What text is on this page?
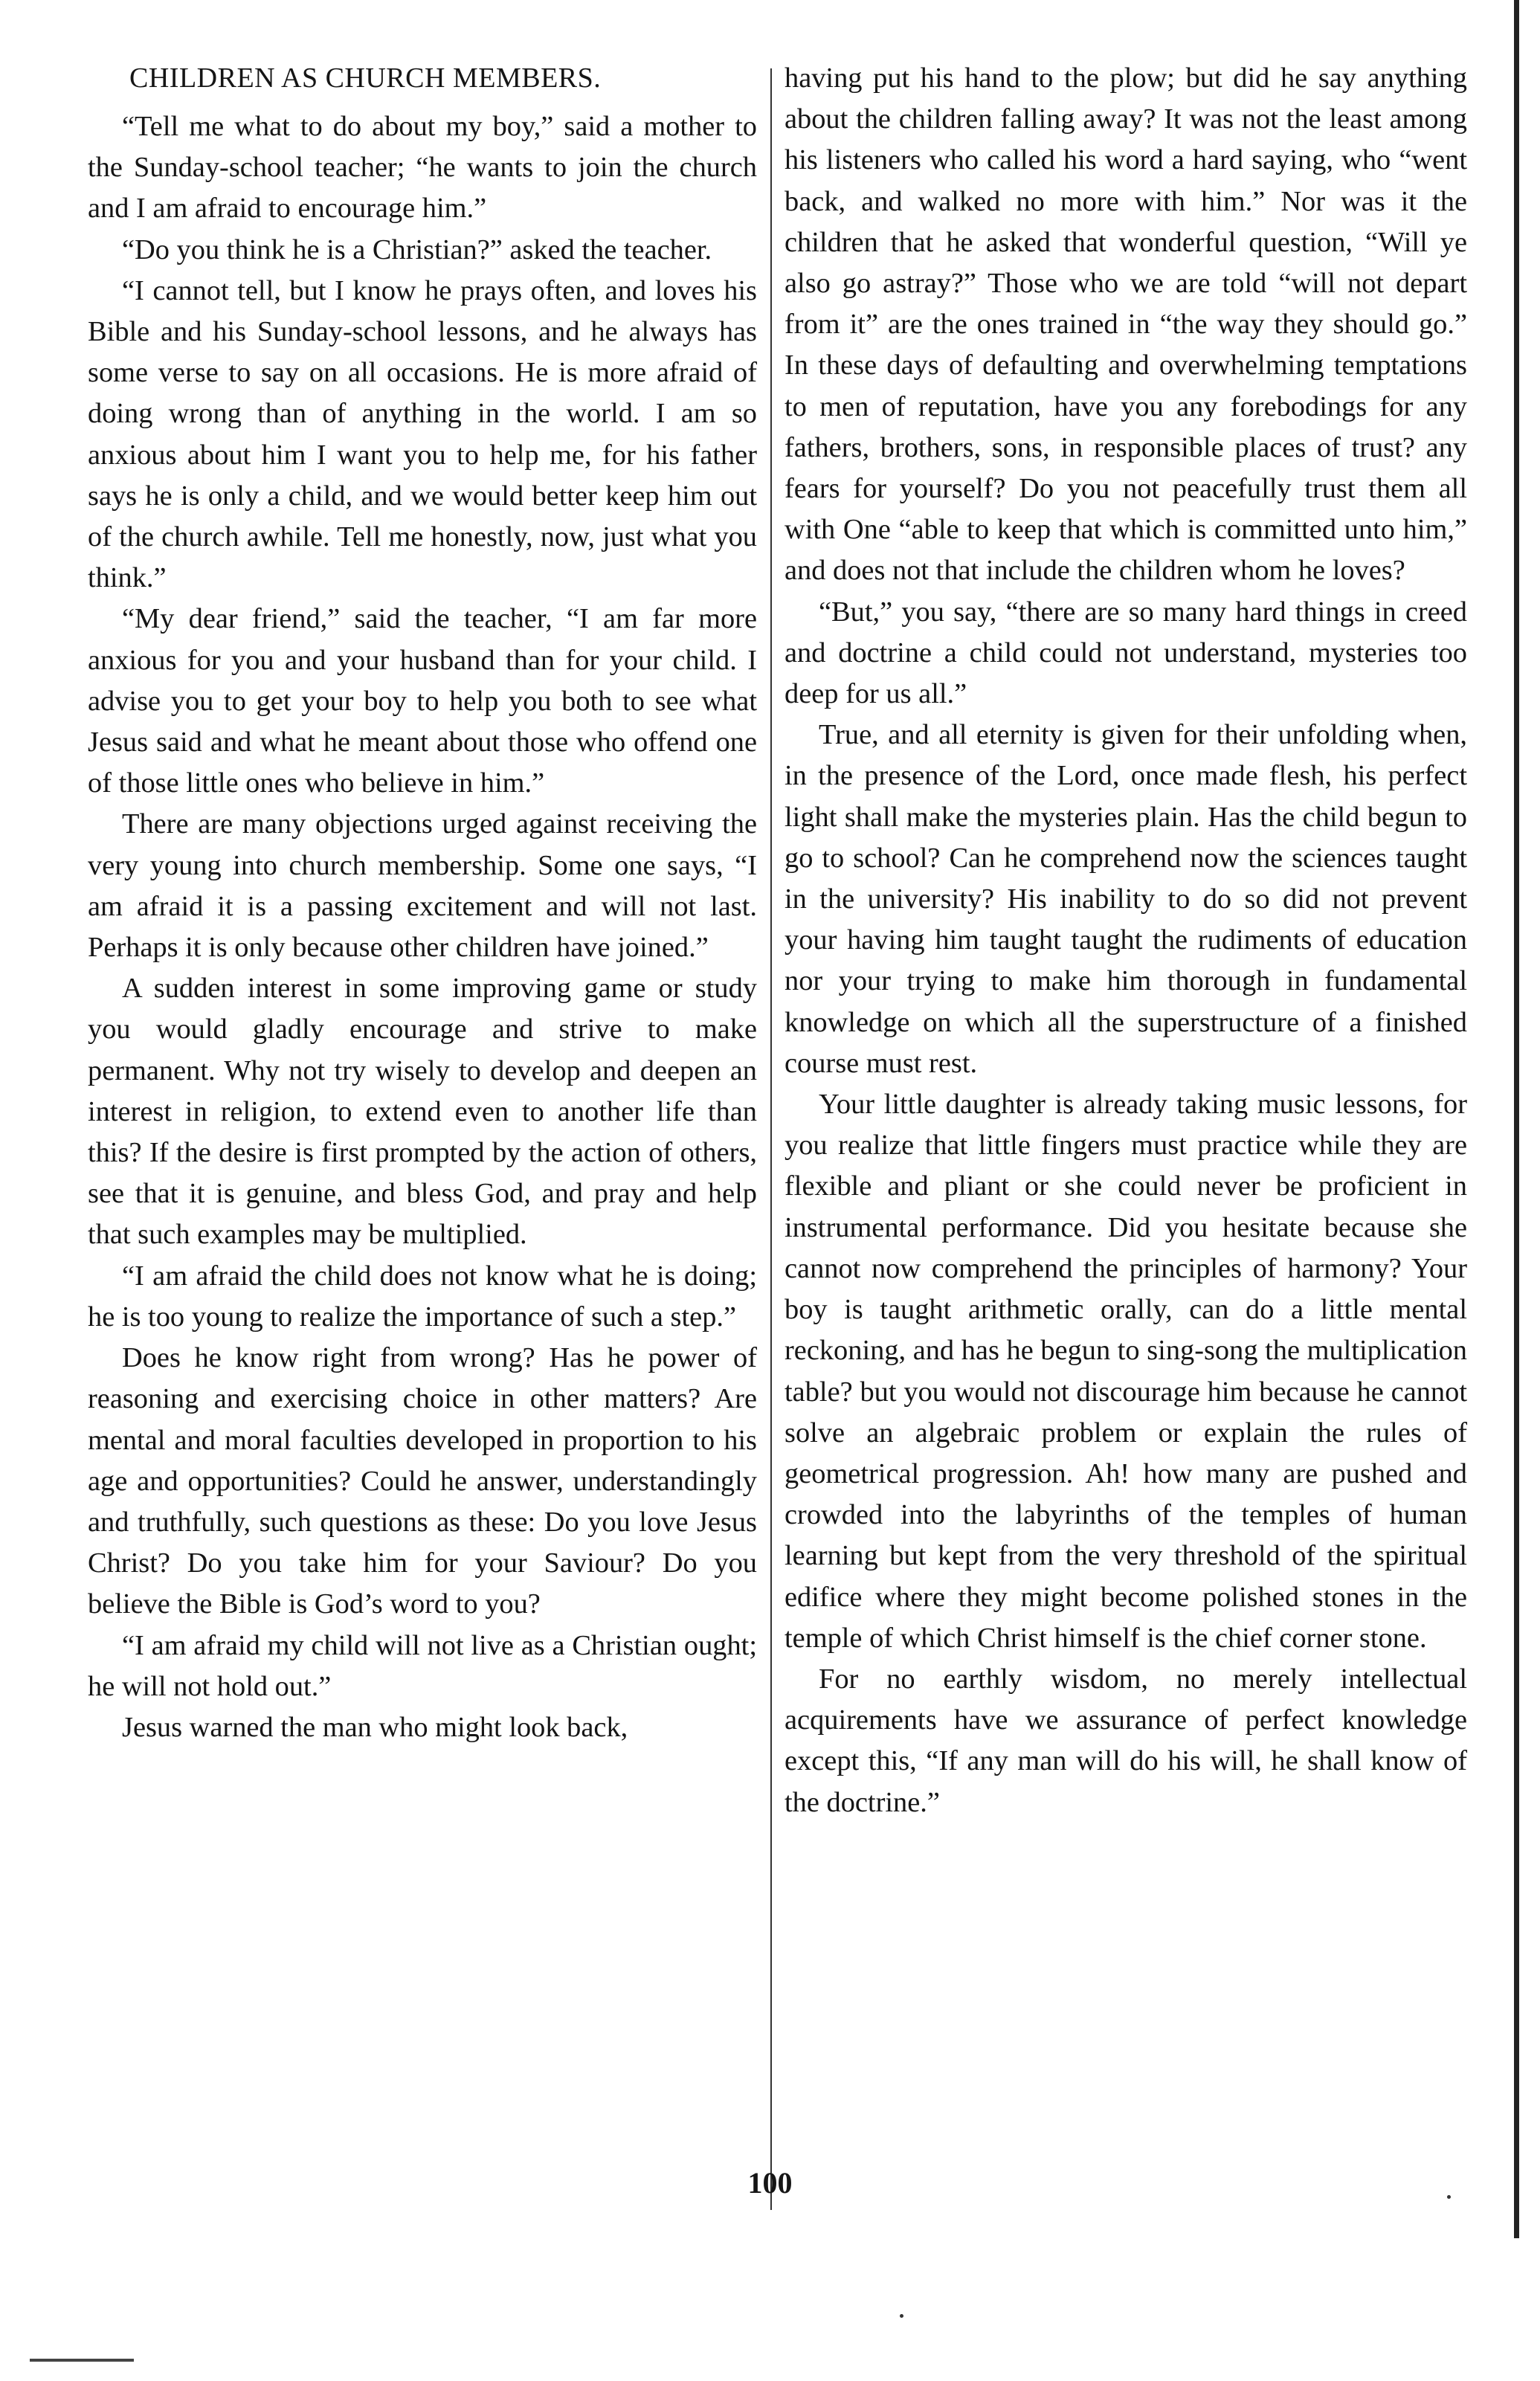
CHILDREN AS CHURCH MEMBERS.

“Tell me what to do about my boy,” said a mother to the Sunday-school teacher; “he wants to join the church and I am afraid to encourage him.”

“Do you think he is a Christian?” asked the teacher.

“I cannot tell, but I know he prays often, and loves his Bible and his Sunday-school lessons, and he always has some verse to say on all occasions. He is more afraid of doing wrong than of anything in the world. I am so anxious about him I want you to help me, for his father says he is only a child, and we would better keep him out of the church awhile. Tell me honestly, now, just what you think.”

“My dear friend,” said the teacher, “I am far more anxious for you and your husband than for your child. I advise you to get your boy to help you both to see what Jesus said and what he meant about those who offend one of those little ones who believe in him.”

There are many objections urged against receiving the very young into church membership. Some one says, “I am afraid it is a passing excitement and will not last. Perhaps it is only because other children have joined.”

A sudden interest in some improving game or study you would gladly encourage and strive to make permanent. Why not try wisely to develop and deepen an interest in religion, to extend even to another life than this? If the desire is first prompted by the action of others, see that it is genuine, and bless God, and pray and help that such examples may be multiplied.

“I am afraid the child does not know what he is doing; he is too young to realize the importance of such a step.”

Does he know right from wrong? Has he power of reasoning and exercising choice in other matters? Are mental and moral faculties developed in proportion to his age and opportunities? Could he answer, understandingly and truthfully, such questions as these: Do you love Jesus Christ? Do you take him for your Saviour? Do you believe the Bible is God’s word to you?

“I am afraid my child will not live as a Christian ought; he will not hold out.”

Jesus warned the man who might look back,

having put his hand to the plow; but did he say anything about the children falling away? It was not the least among his listeners who called his word a hard saying, who “went back, and walked no more with him.” Nor was it the children that he asked that wonderful question, “Will ye also go astray?” Those who we are told “will not depart from it” are the ones trained in “the way they should go.” In these days of defaulting and overwhelming temptations to men of reputation, have you any forebodings for any fathers, brothers, sons, in responsible places of trust? any fears for yourself? Do you not peacefully trust them all with One “able to keep that which is committed unto him,” and does not that include the children whom he loves?

“But,” you say, “there are so many hard things in creed and doctrine a child could not understand, mysteries too deep for us all.”

True, and all eternity is given for their unfolding when, in the presence of the Lord, once made flesh, his perfect light shall make the mysteries plain. Has the child begun to go to school? Can he comprehend now the sciences taught in the university? His inability to do so did not prevent your having him taught taught the rudiments of education nor your trying to make him thorough in fundamental knowledge on which all the superstructure of a finished course must rest.

Your little daughter is already taking music lessons, for you realize that little fingers must practice while they are flexible and pliant or she could never be proficient in instrumental performance. Did you hesitate because she cannot now comprehend the principles of harmony? Your boy is taught arithmetic orally, can do a little mental reckoning, and has he begun to sing-song the multiplication table? but you would not discourage him because he cannot solve an algebraic problem or explain the rules of geometrical progression. Ah! how many are pushed and crowded into the labyrinths of the temples of human learning but kept from the very threshold of the spiritual edifice where they might become polished stones in the temple of which Christ himself is the chief corner stone.

For no earthly wisdom, no merely intellectual acquirements have we assurance of perfect knowledge except this, “If any man will do his will, he shall know of the doctrine.”

100
